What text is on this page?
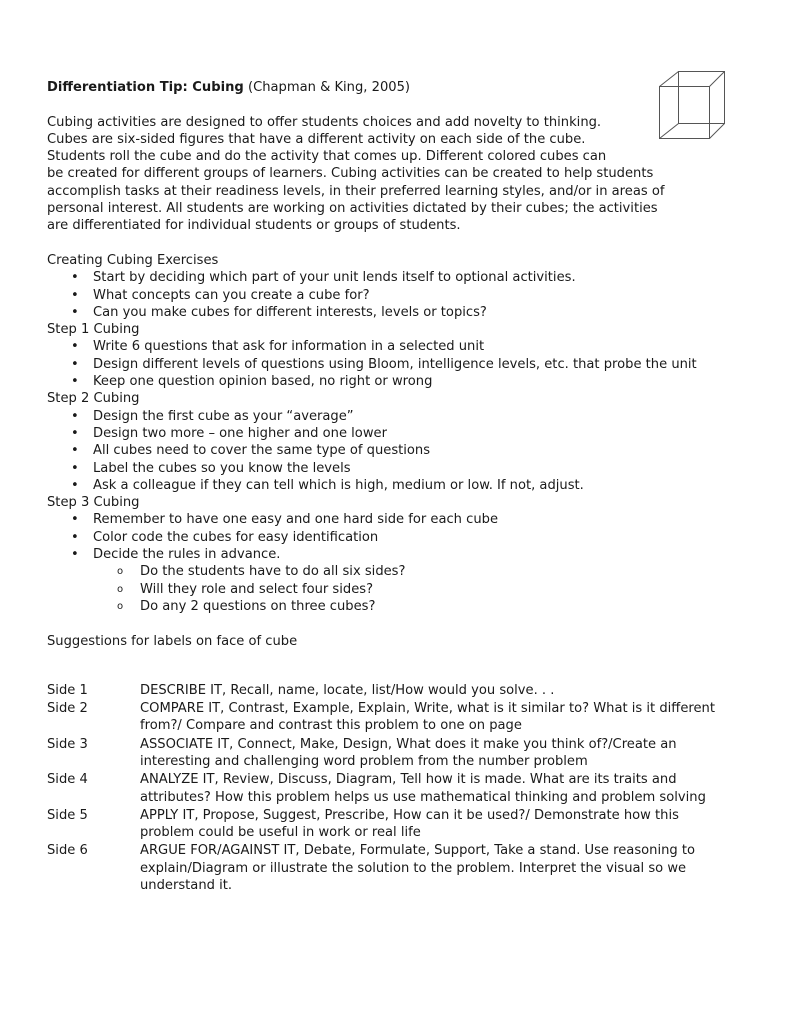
Differentiation Tip: Cubing (Chapman & King, 2005)

Cubing activities are designed to offer students choices and add novelty to thinking.
Cubes are six-sided figures that have a different activity on each side of the cube.
Students roll the cube and do the activity that comes up. Different colored cubes can
be created for different groups of learners. Cubing activities can be created to help students
accomplish tasks at their readiness levels, in their preferred learning styles, and/or in areas of
personal interest. All students are working on activities dictated by their cubes; the activities
are differentiated for individual students or groups of students.

Creating Cubing Exercises

• Start by deciding which part of your unit lends itself to optional activities.
• What concepts can you create a cube for?
• Can you make cubes for different interests, levels or topics?

Step 1 Cubing

• Write 6 questions that ask for information in a selected unit
• Design different levels of questions using Bloom, intelligence levels, etc. that probe the unit
• Keep one question opinion based, no right or wrong

Step 2 Cubing

• Design the first cube as your “average”
• Design two more – one higher and one lower
• All cubes need to cover the same type of questions
• Label the cubes so you know the levels
• Ask a colleague if they can tell which is high, medium or low. If not, adjust.

Step 3 Cubing

• Remember to have one easy and one hard side for each cube
• Color code the cubes for easy identification
• Decide the rules in advance.
o Do the students have to do all six sides?
o Will they role and select four sides?
o Do any 2 questions on three cubes?

Suggestions for labels on face of cube

Side 1	DESCRIBE IT, Recall, name, locate, list/How would you solve. . .
Side 2	COMPARE IT, Contrast, Example, Explain, Write, what is it similar to? What is it different
from?/ Compare and contrast this problem to one on page
Side 3	ASSOCIATE IT, Connect, Make, Design, What does it make you think of?/Create an
interesting and challenging word problem from the number problem
Side 4	ANALYZE IT, Review, Discuss, Diagram, Tell how it is made. What are its traits and
attributes? How this problem helps us use mathematical thinking and problem solving
Side 5	APPLY IT, Propose, Suggest, Prescribe, How can it be used?/ Demonstrate how this
problem could be useful in work or real life
Side 6	ARGUE FOR/AGAINST IT, Debate, Formulate, Support, Take a stand. Use reasoning to
explain/Diagram or illustrate the solution to the problem. Interpret the visual so we
understand it.
